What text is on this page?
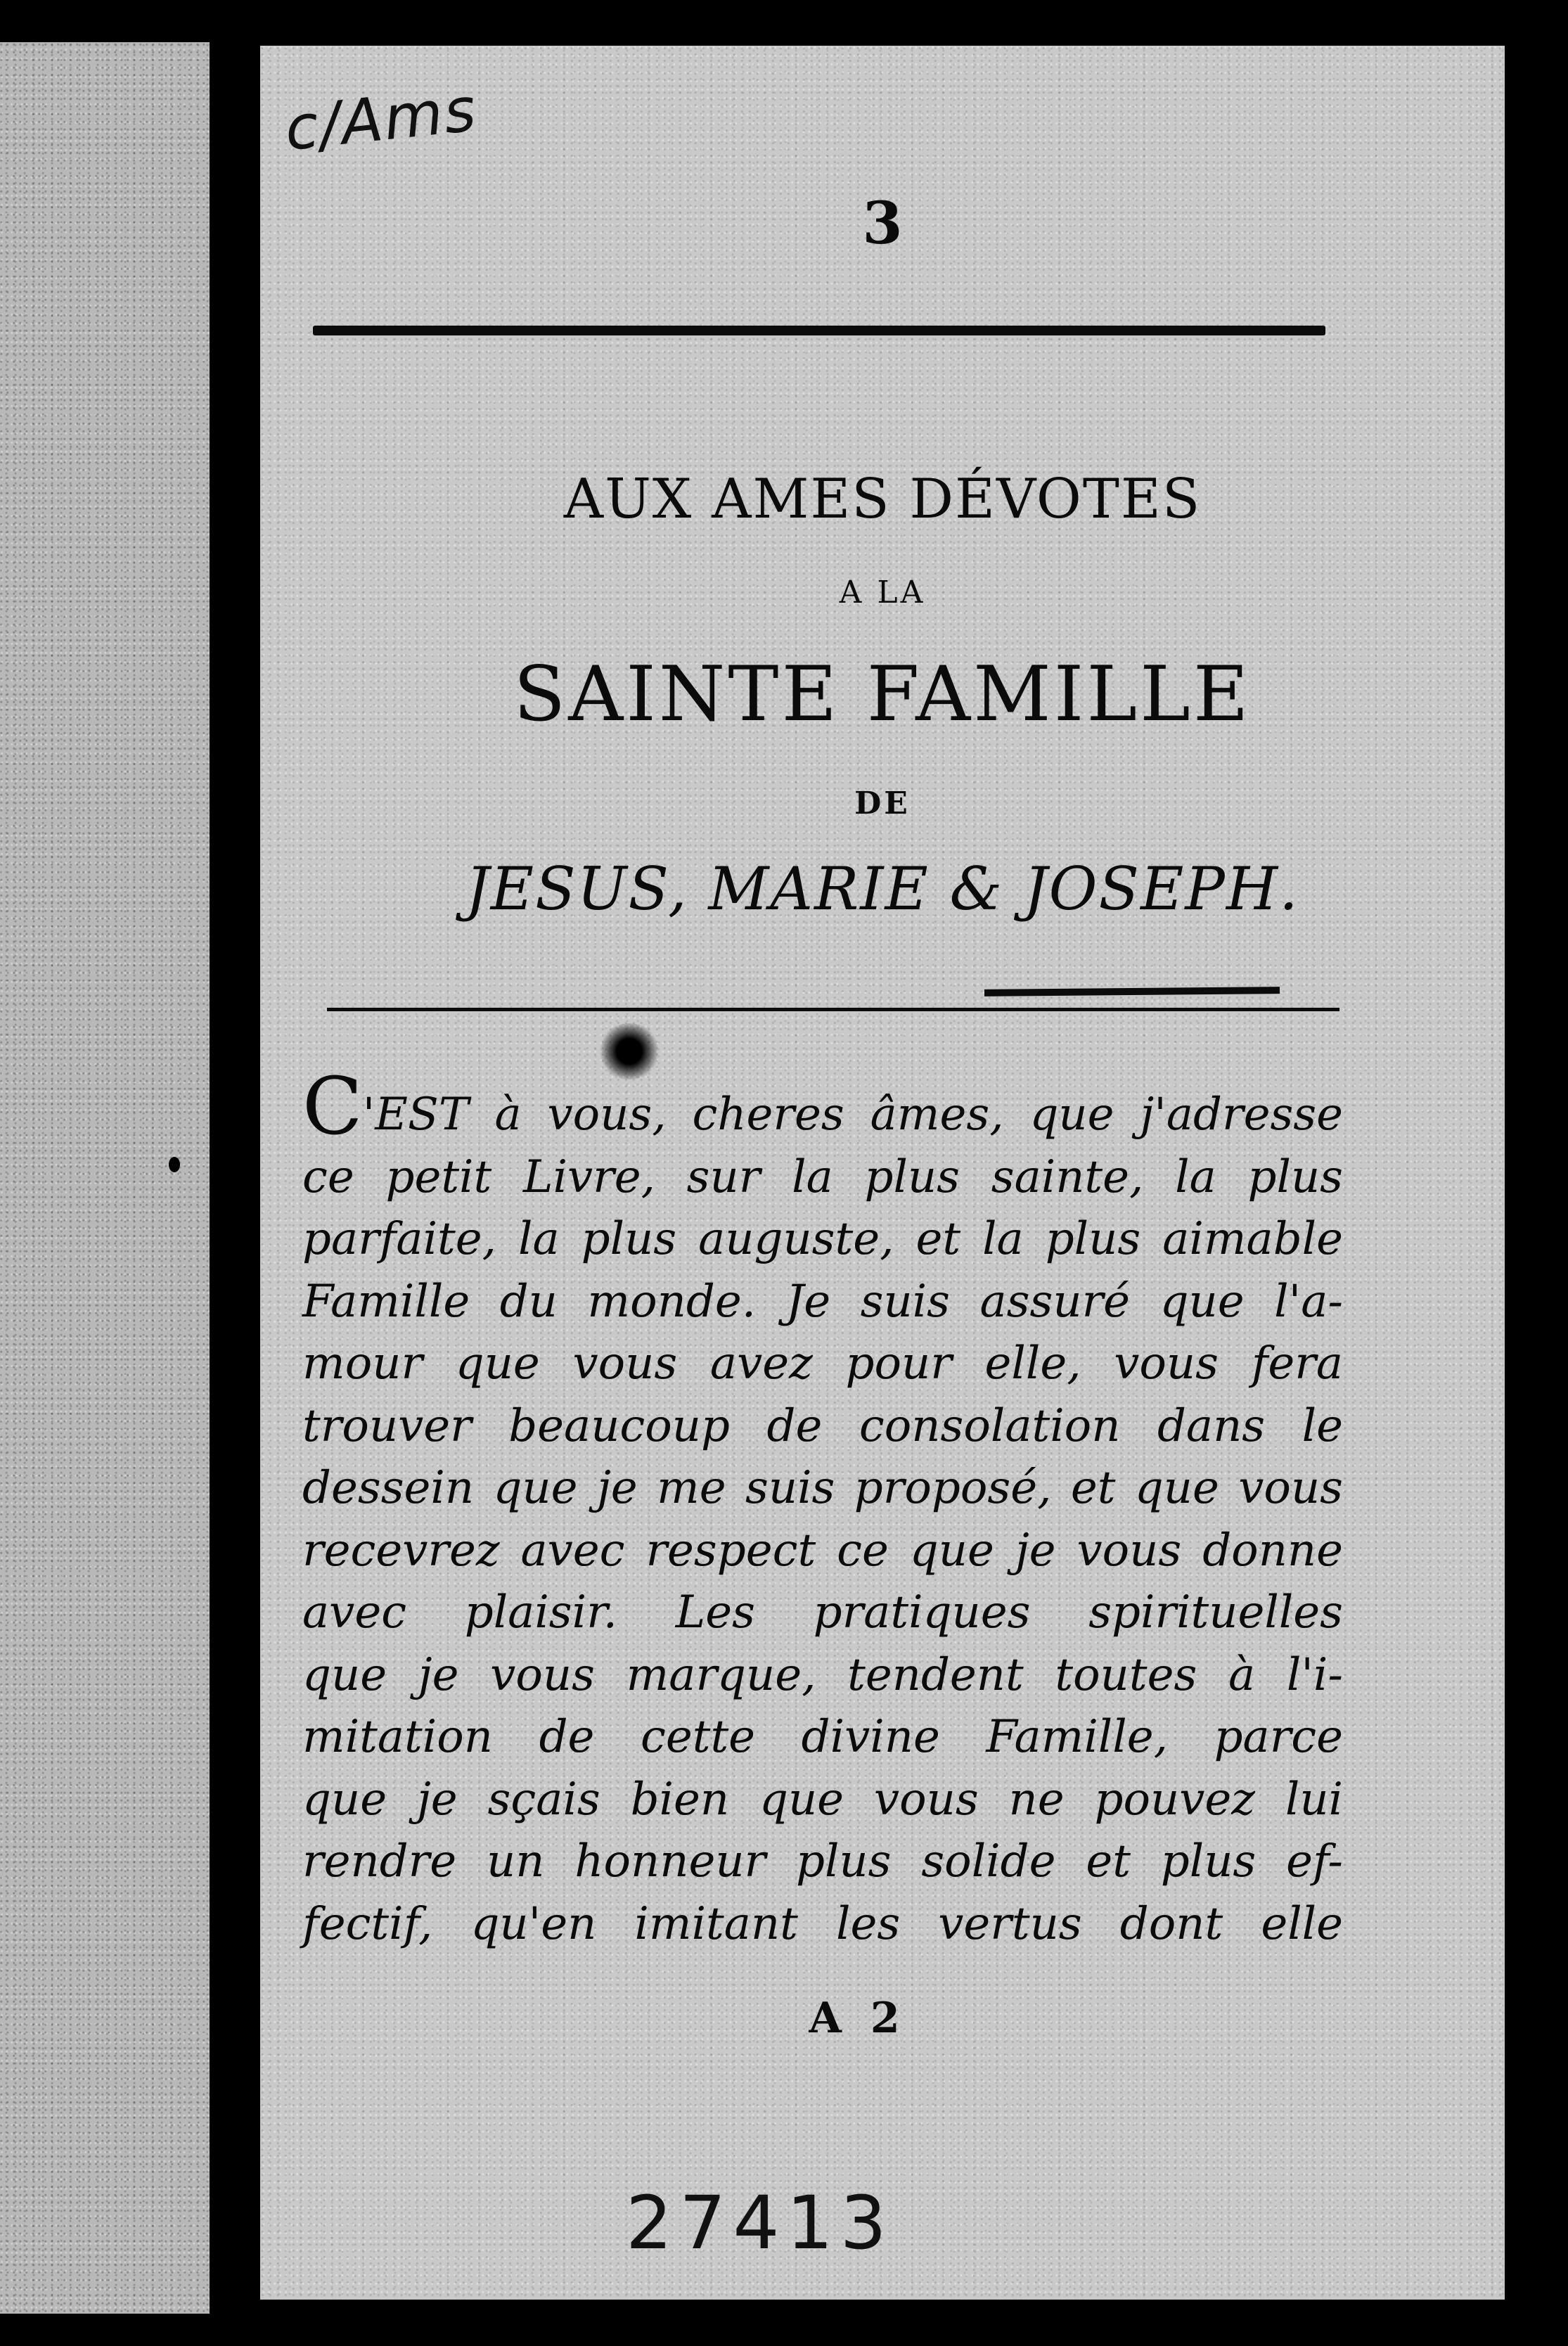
c/Ams
3
AUX AMES DÉVOTES
A LA
SAINTE FAMILLE
DE
JESUS, MARIE & JOSEPH.
C'EST à vous, cheres âmes, que j'adresse
ce petit Livre, sur la plus sainte, la plus
parfaite, la plus auguste, et la plus aimable
Famille du monde. Je suis assuré que l'a-
mour que vous avez pour elle, vous fera
trouver beaucoup de consolation dans le
dessein que je me suis proposé, et que vous
recevrez avec respect ce que je vous donne
avec plaisir. Les pratiques spirituelles
que je vous marque, tendent toutes à l'i-
mitation de cette divine Famille, parce
que je sçais bien que vous ne pouvez lui
rendre un honneur plus solide et plus ef-
fectif, qu'en imitant les vertus dont elle
A 2
27413
